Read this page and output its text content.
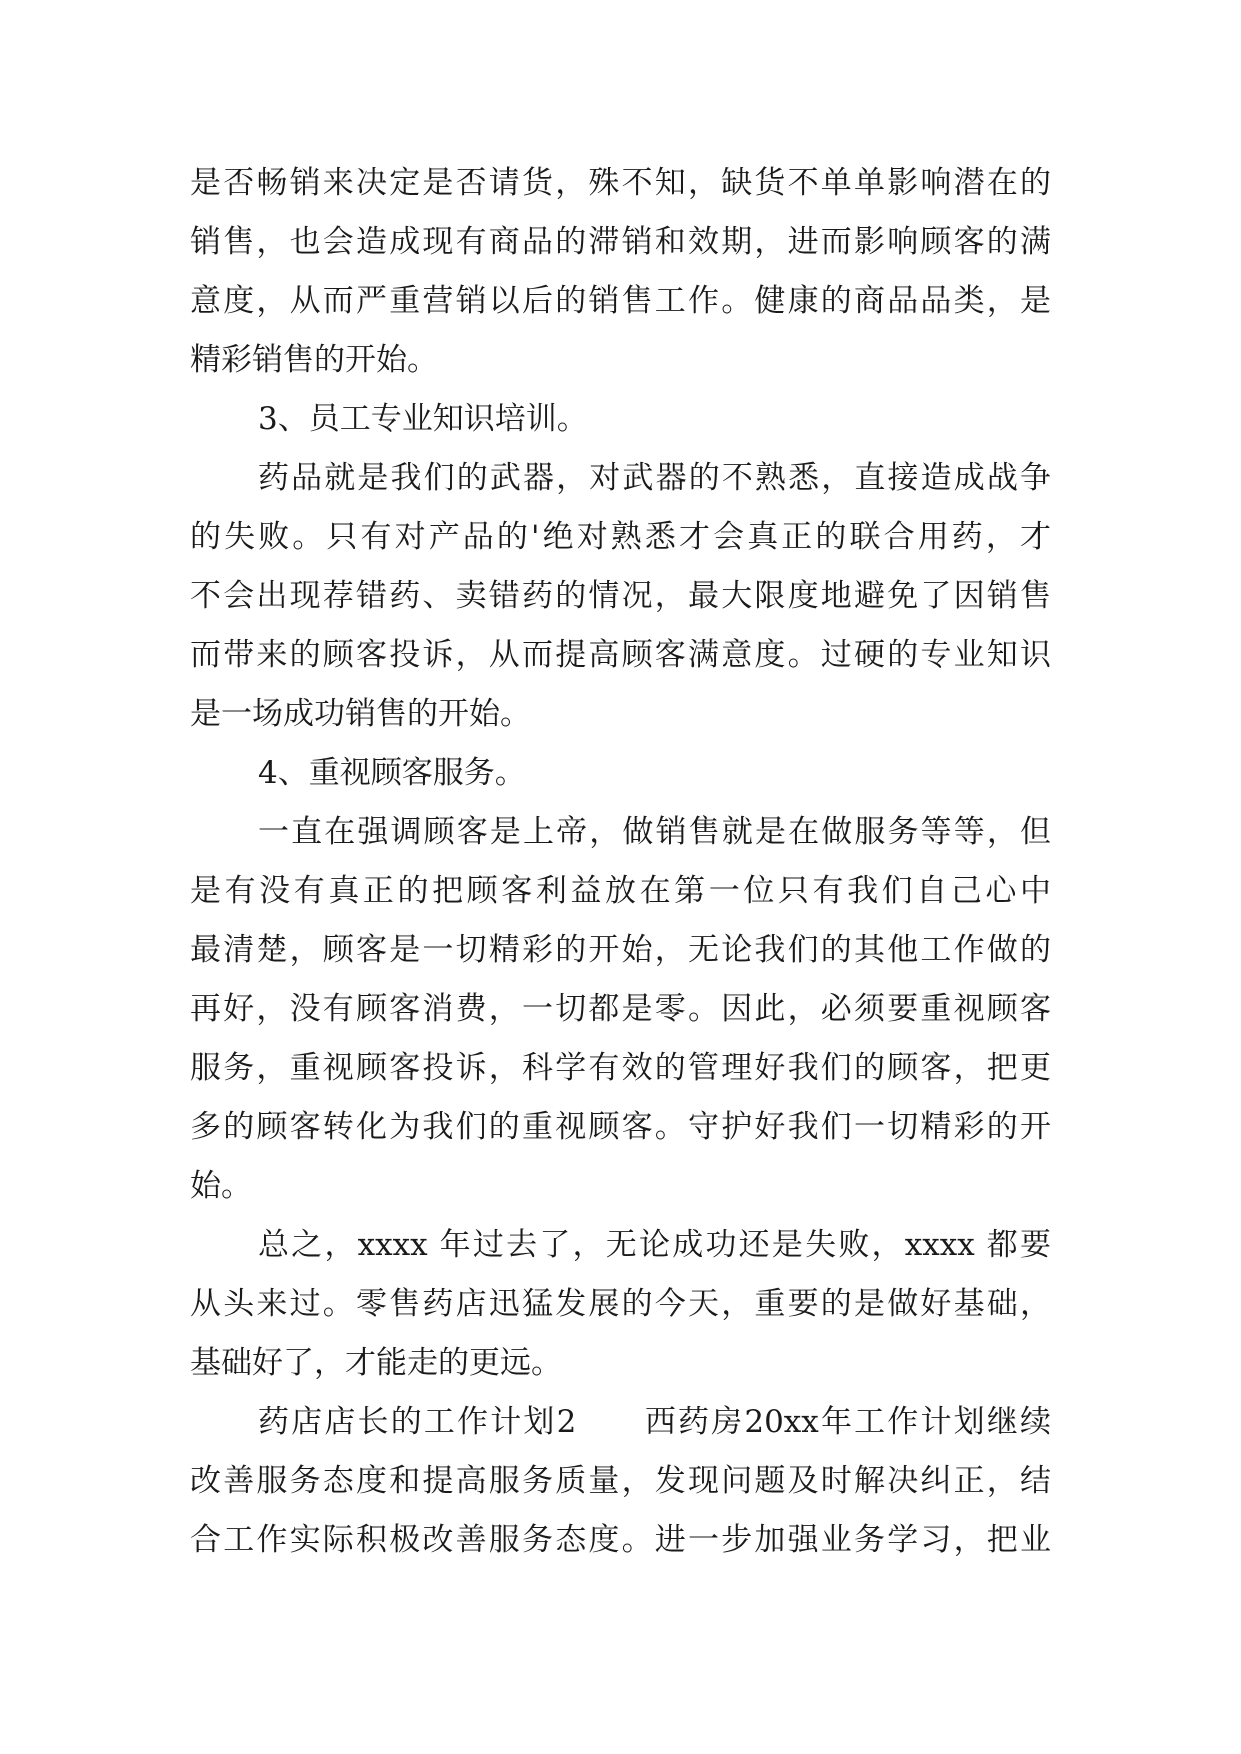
是否畅销来决定是否请货，殊不知，缺货不单单影响潜在的
销售，也会造成现有商品的滞销和效期，进而影响顾客的满
意度，从而严重营销以后的销售工作。健康的商品品类，是
精彩销售的开始。
3、员工专业知识培训。
药品就是我们的武器，对武器的不熟悉，直接造成战争
的失败。只有对产品的'绝对熟悉才会真正的联合用药，才
不会出现荐错药、卖错药的情况，最大限度地避免了因销售
而带来的顾客投诉，从而提高顾客满意度。过硬的专业知识
是一场成功销售的开始。
4、重视顾客服务。
一直在强调顾客是上帝，做销售就是在做服务等等，但
是有没有真正的把顾客利益放在第一位只有我们自己心中
最清楚，顾客是一切精彩的开始，无论我们的其他工作做的
再好，没有顾客消费，一切都是零。因此，必须要重视顾客
服务，重视顾客投诉，科学有效的管理好我们的顾客，把更
多的顾客转化为我们的重视顾客。守护好我们一切精彩的开
始。
总之，xxxx 年过去了，无论成功还是失败，xxxx 都要
从头来过。零售药店迅猛发展的今天，重要的是做好基础，
基础好了，才能走的更远。
药店店长的工作计划2　　西药房20xx年工作计划继续
改善服务态度和提高服务质量，发现问题及时解决纠正，结
合工作实际积极改善服务态度。进一步加强业务学习，把业
